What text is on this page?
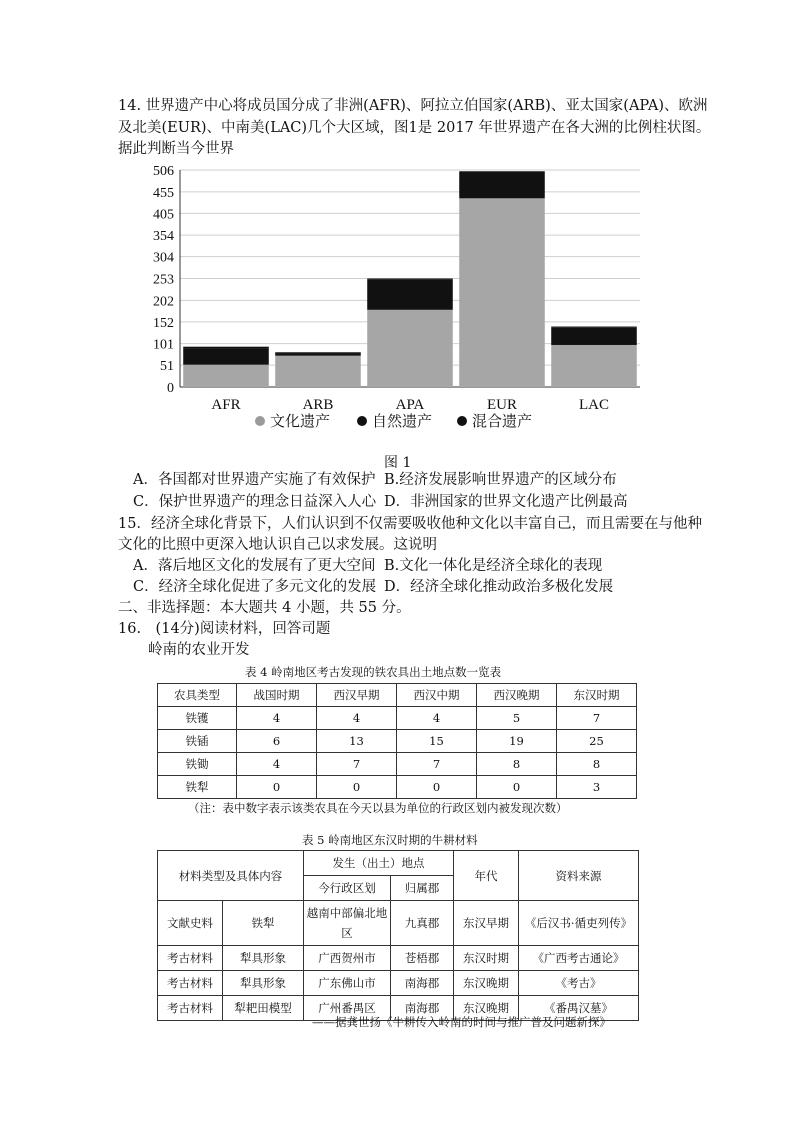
14. 世界遗产中心将成员国分成了非洲(AFR)、阿拉立伯国家(ARB)、亚太国家(APA)、欧洲
及北美(EUR)、中南美(LAC)几个大区域，图1是 2017 年世界遗产在各大洲的比例柱状图。
据此判断当今世界
0
51
101
152
202
253
304
354
405
455
506
AFR	ARB	APA	EUR	LAC
文化遗产	自然遗产	混合遗产
图 1
A．各国都对世界遗产实施了有效保护 B.经济发展影响世界遗产的区域分布
C．保护世界遗产的理念日益深入人心 D．非洲国家的世界文化遗产比例最高
15．经济全球化背景下，人们认识到不仅需要吸收他种文化以丰富自己，而且需要在与他种
文化的比照中更深入地认识自己以求发展。这说明
A．落后地区文化的发展有了更大空间 B.文化一体化是经济全球化的表现
C．经济全球化促进了多元文化的发展 D．经济全球化推动政治多极化发展
二、非选择题：本大题共 4 小题，共 55 分。
16.　(14分)阅读材料，回答司题
岭南的农业开发
表 4 岭南地区考古发现的铁农具出土地点数一览表
农具类型	战国时期	西汉早期	西汉中期	西汉晚期	东汉时期
铁镬	4	4	4	5	7
铁锸	6	13	15	19	25
铁锄	4	7	7	8	8
铁犁	0	0	0	0	3
（注：表中数字表示该类农具在今天以县为单位的行政区划内被发现次数）
表 5 岭南地区东汉时期的牛耕材料
材料类型及具体内容		发生（出土）地点		年代	资料来源
		今行政区划	归属郡		
文献史料	铁犁	越南中部偏北地区	九真郡	东汉早期	《后汉书·循吏列传》
考古材料	犁具形象	广西贺州市	苍梧郡	东汉时期	《广西考古通论》
考古材料	犁具形象	广东佛山市	南海郡	东汉晚期	《考古》
考古材料	犁耙田模型	广州番禺区	南海郡	东汉晚期	《番禺汉墓》
——据龚世扬《牛耕传入岭南的时间与推广普及问题新探》
